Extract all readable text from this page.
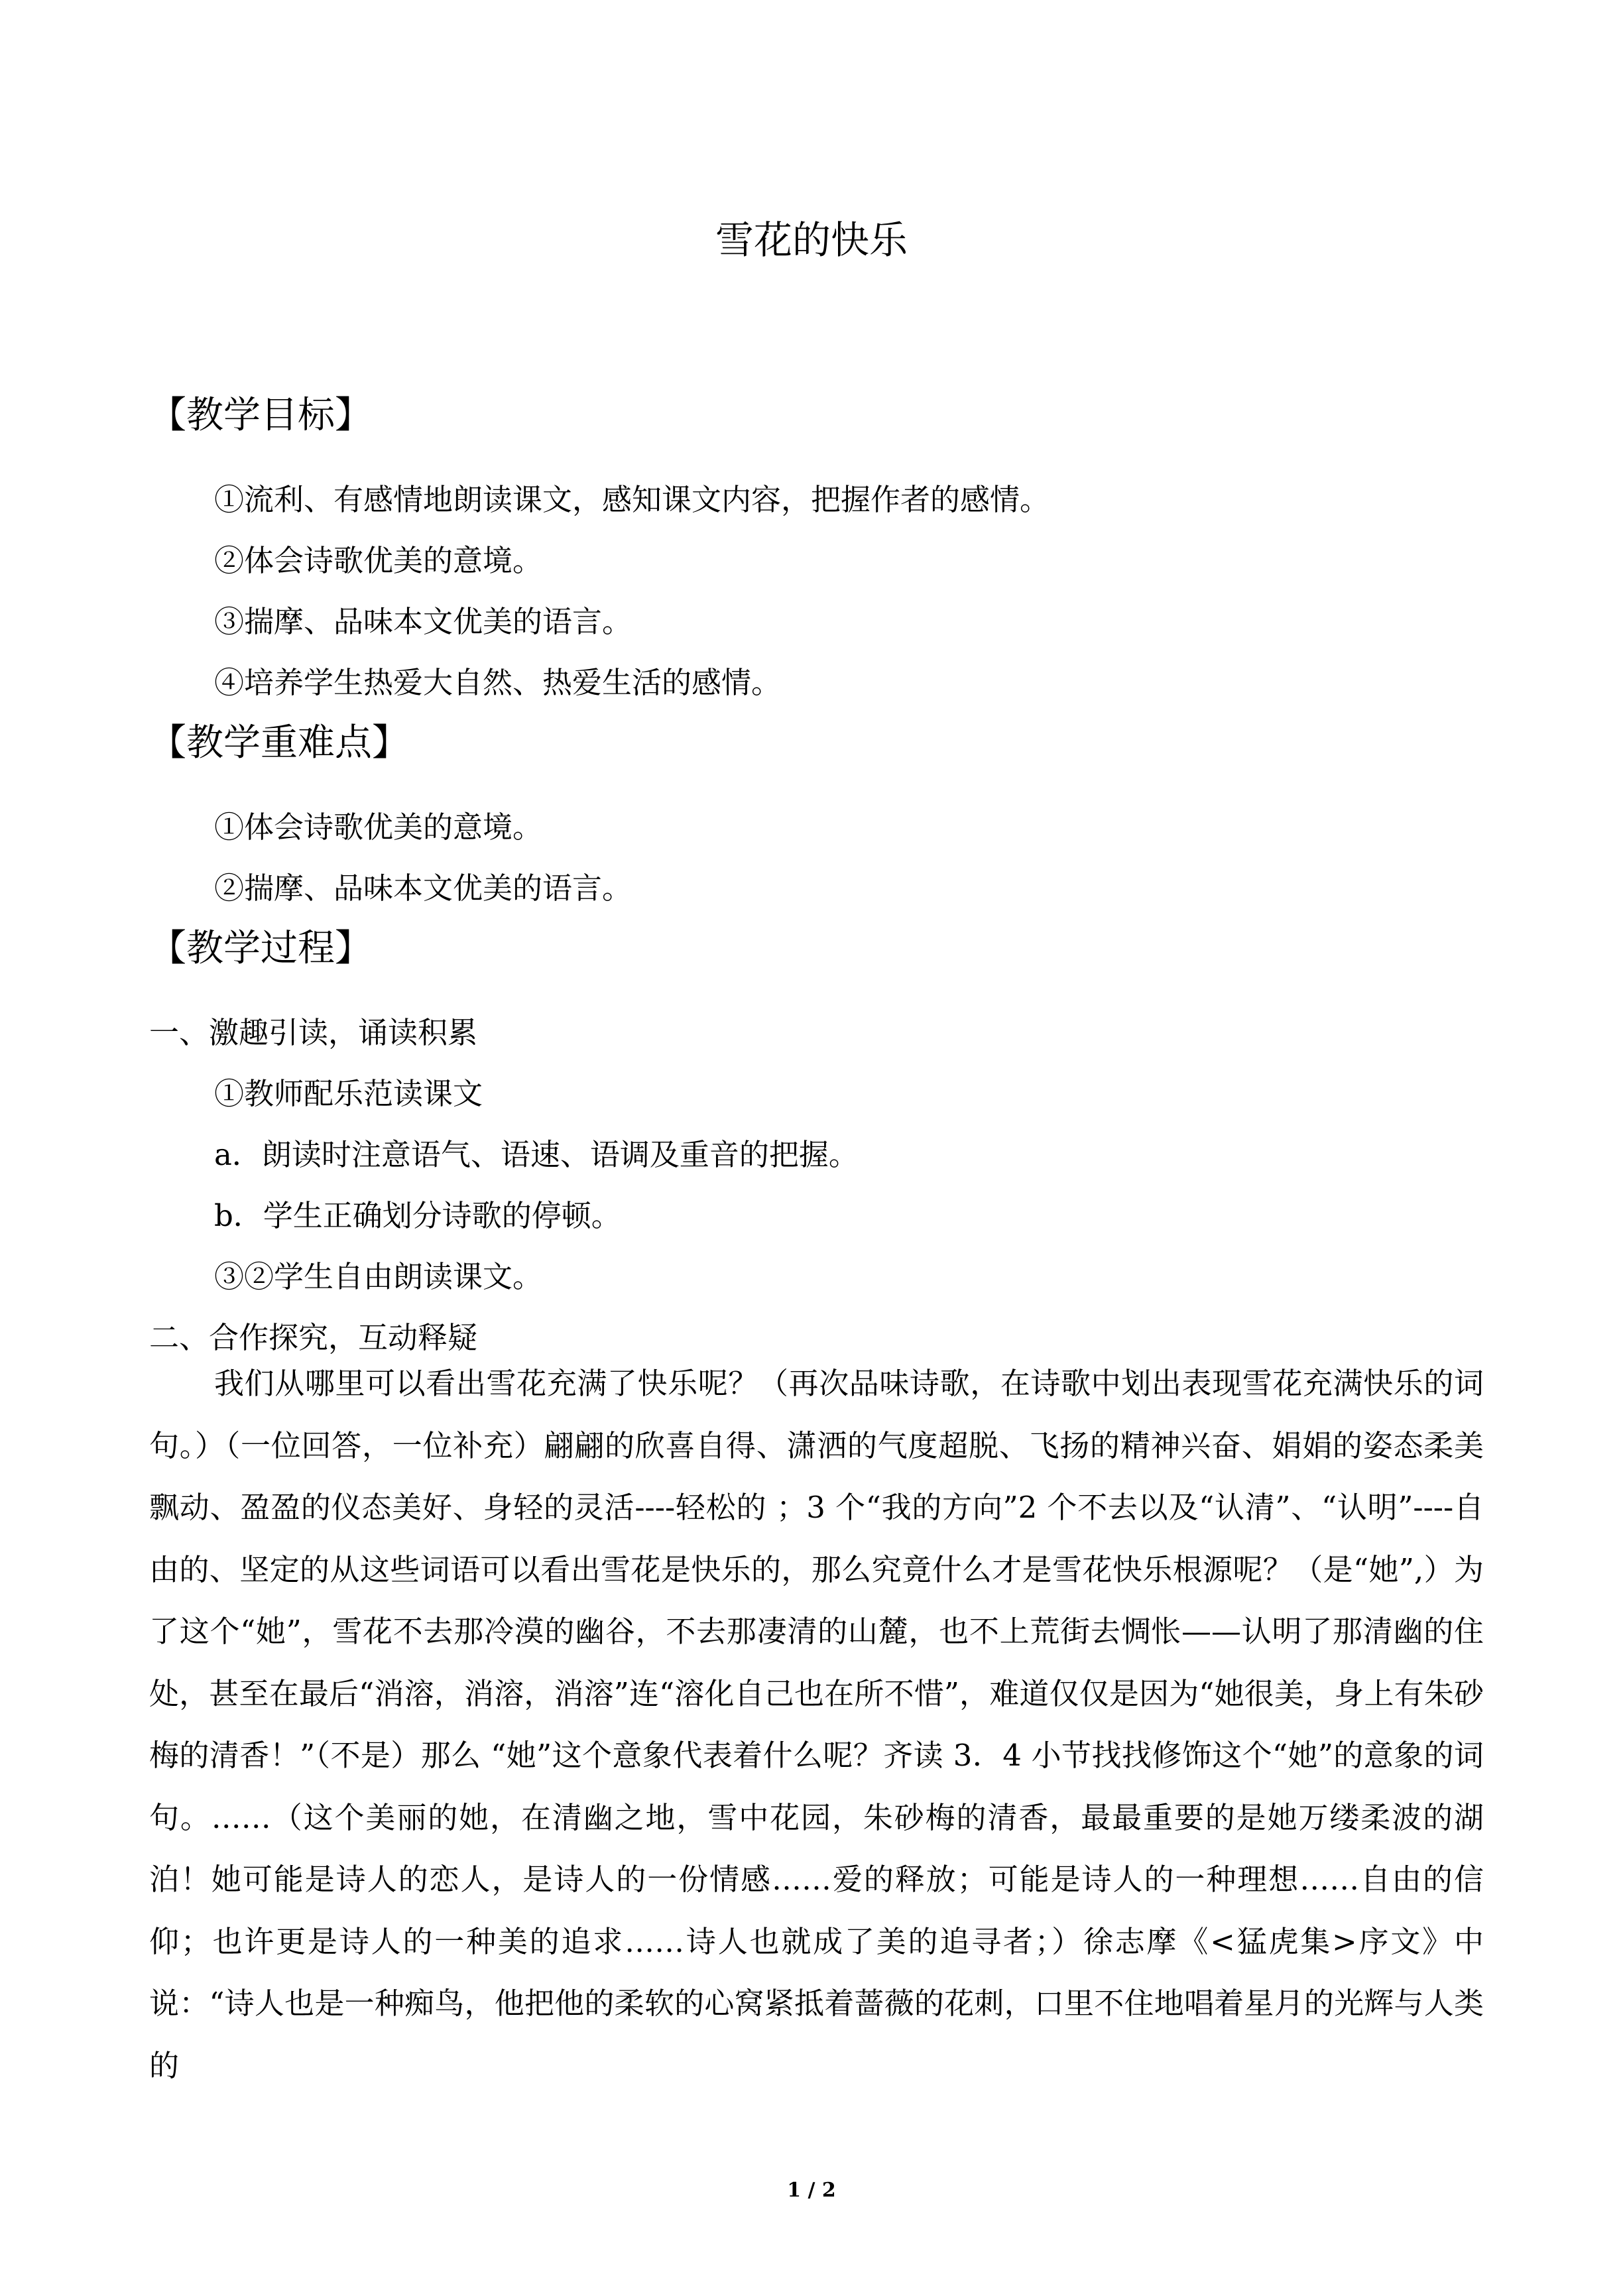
雪花的快乐
【教学目标】
①流利、有感情地朗读课文，感知课文内容，把握作者的感情。
②体会诗歌优美的意境。
③揣摩、品味本文优美的语言。
④培养学生热爱大自然、热爱生活的感情。
【教学重难点】
①体会诗歌优美的意境。
②揣摩、品味本文优美的语言。
【教学过程】
一、激趣引读，诵读积累
①教师配乐范读课文
a．朗读时注意语气、语速、语调及重音的把握。
b．学生正确划分诗歌的停顿。
③②学生自由朗读课文。
二、合作探究，互动释疑

我们从哪里可以看出雪花充满了快乐呢？（再次品味诗歌，在诗歌中划出表现雪花充满快乐的词句。）（一位回答，一位补充）翩翩的欣喜自得、潇洒的气度超脱、飞扬的精神兴奋、娟娟的姿态柔美飘动、盈盈的仪态美好、身轻的灵活----轻松的 ；3 个“我的方向”2 个不去以及“认清”、“认明”----自由的、坚定的从这些词语可以看出雪花是快乐的，那么究竟什么才是雪花快乐根源呢？（是“她”,）为了这个“她”，雪花不去那冷漠的幽谷，不去那凄清的山麓，也不上荒街去惆怅——认明了那清幽的住处，甚至在最后“消溶，消溶，消溶”连“溶化自己也在所不惜”，难道仅仅是因为“她很美，身上有朱砂梅的清香！”（不是）那么 “她”这个意象代表着什么呢？齐读 3．4 小节找找修饰这个“她”的意象的词句。……（这个美丽的她，在清幽之地，雪中花园，朱砂梅的清香，最最重要的是她万缕柔波的湖泊！她可能是诗人的恋人，是诗人的一份情感……爱的释放；可能是诗人的一种理想……自由的信仰；也许更是诗人的一种美的追求……诗人也就成了美的追寻者；）徐志摩《<猛虎集>序文》中说：“诗人也是一种痴鸟，他把他的柔软的心窝紧抵着蔷薇的花刺，口里不住地唱着星月的光辉与人类的

1 / 2
